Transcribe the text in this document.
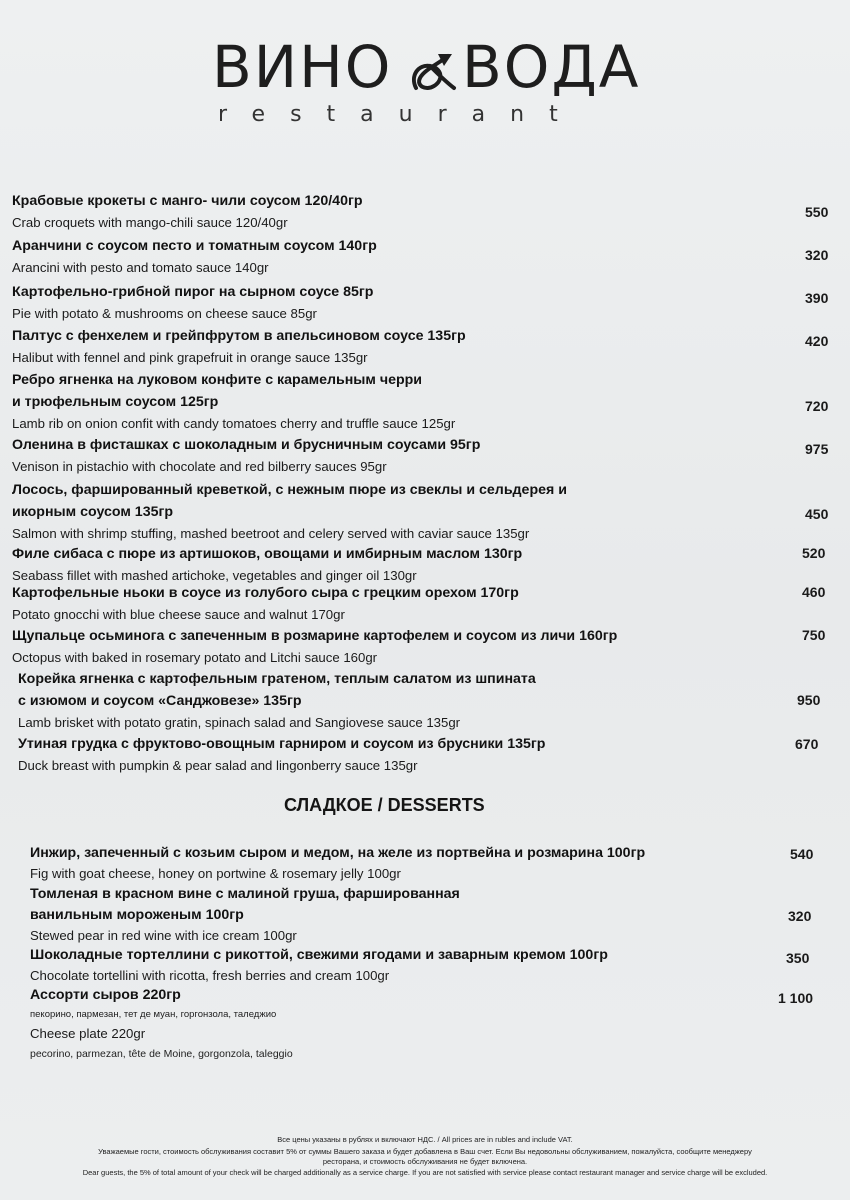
ВИНО ВОДА
restaurant
Крабовые крокеты с манго- чили соусом 120/40гр
Crab croquets with mango-chili sauce 120/40gr
550
Аранчини с соусом песто и томатным соусом 140гр
Arancini with pesto and tomato sauce 140gr
320
Картофельно-грибной пирог на сырном соусе 85гр
Pie with potato & mushrooms on cheese sauce 85gr
390
Палтус с фенхелем и грейпфрутом в апельсиновом соусе 135гр
Halibut with fennel and pink grapefruit in orange sauce 135gr
420
Ребро ягненка на луковом конфите с карамельным черри
и трюфельным соусом 125гр
Lamb rib on onion confit with candy tomatoes cherry and truffle sauce 125gr
720
Оленина в фисташках с шоколадным и брусничным соусами 95гр
Venison in pistachio with chocolate and red bilberry sauces 95gr
975
Лосось, фаршированный креветкой, с нежным пюре из свеклы и сельдерея и
икорным соусом 135гр
Salmon with shrimp stuffing, mashed beetroot and celery served with caviar sauce 135gr
450
Филе сибаса с пюре из артишоков, овощами и имбирным маслом 130гр
Seabass fillet with mashed artichoke, vegetables and ginger oil 130gr
520
Картофельные ньоки в соусе из голубого сыра с грецким орехом 170гр
Potato gnocchi with blue cheese sauce and walnut 170gr
460
Щупальце осьминога с запеченным в розмарине картофелем и соусом из личи 160гр
Octopus with baked in rosemary potato and Litchi sauce 160gr
750
Корейка ягненка с картофельным гратеном, теплым салатом из шпината
с изюмом и соусом «Санджовезе» 135гр
Lamb brisket with potato gratin, spinach salad and Sangiovese sauce 135gr
950
Утиная грудка с фруктово-овощным гарниром и соусом из брусники 135гр
Duck breast with pumpkin & pear salad and lingonberry sauce 135gr
670
СЛАДКОЕ / DESSERTS
Инжир, запеченный с козьим сыром и медом, на желе из портвейна и розмарина 100гр
Fig with goat cheese, honey on portwine & rosemary jelly 100gr
540
Томленая в красном вине с малиной груша, фаршированная
ванильным мороженым 100гр
Stewed pear in red wine with ice cream 100gr
320
Шоколадные тортеллини с рикоттой, свежими ягодами и заварным кремом 100гр
Chocolate tortellini with ricotta, fresh berries and cream 100gr
350
Ассорти сыров 220гр
пекорино, пармезан, тет де муан, горгонзола, таледжио
Cheese plate 220gr
pecorino, parmezan, tête de Moine, gorgonzola, taleggio
1 100
Все цены указаны в рублях и включают НДС. / All prices are in rubles and include VAT.
Уважаемые гости, стоимость обслуживания составит 5% от суммы Вашего заказа и будет добавлена в Ваш счет. Если Вы недовольны обслуживанием, пожалуйста, сообщите менеджеру
ресторана, и стоимость обслуживания не будет включена.
Dear guests, the 5% of total amount of your check will be charged additionally as a service charge. If you are not satisfied with service please contact restaurant manager and service charge will be excluded.
